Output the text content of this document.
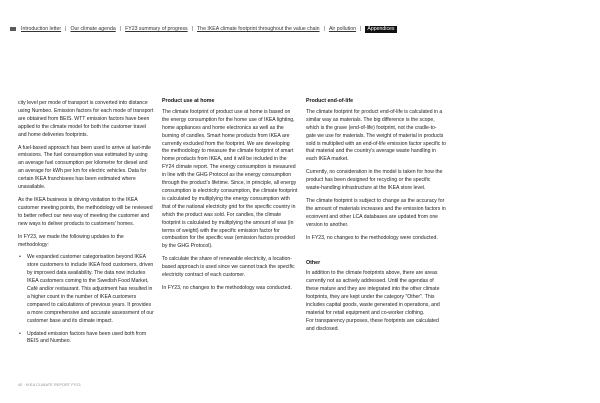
Introduction letter | Our climate agenda | FY23 summary of progress | The IKEA climate footprint throughout the value chain | Air pollution |	Appendices

city level per mode of transport is converted into distance using Numbeo. Emission factors for each mode of transport are obtained from BEIS. WTT emission factors have been applied to the climate model for both the customer travel and home deliveries footprints.

A fuel-based approach has been used to arrive at last-mile emissions. The fuel consumption was estimated by using an average fuel consumption per kilometre for diesel and an average for kWh per km for electric vehicles. Data for certain IKEA franchisees has been estimated where unavailable.

As the IKEA business is driving visitation to the IKEA customer meeting points, the methodology will be reviewed to better reflect our new way of meeting the customer and new ways to deliver products to customers' homes.

In FY23, we made the following updates to the methodology:

• We expanded customer categorisation beyond IKEA store customers to include IKEA food customers, driven by improved data availability. The data now includes IKEA customers coming to the Swedish Food Market, Café and/or restaurant. This adjustment has resulted in a higher count in the number of IKEA customers compared to calculations of previous years. It provides a more comprehensive and accurate assessment of our customer base and its climate impact.
• Updated emission factors have been used both from BEIS and Numbeo.
Product use at home

The climate footprint of product use at home is based on the energy consumption for the home use of IKEA lighting, home appliances and home electronics as well as the burning of candles. Smart home products from IKEA are currently excluded from the footprint. We are developing the methodology to measure the climate footprint of smart home products from IKEA, and it will be included in the FY24 climate report. The energy consumption is measured in line with the GHG Protocol as the energy consumption through the product's lifetime. Since, in principle, all energy consumption is electricity consumption, the climate footprint is calculated by multiplying the energy consumption with that of the national electricity grid for the specific country in which the product was sold. For candles, the climate footprint is calculated by multiplying the amount of wax (in terms of weight) with the specific emission factor for combustion for the specific wax (emission factors provided by the GHG Protocol).

To calculate the share of renewable electricity, a location-based approach is used since we cannot track the specific electricity contract of each customer.

In FY23, no changes to the methodology was conducted.

Product end-of-life

The climate footprint for product end-of-life is calculated in a similar way as materials. The big difference is the scope, which is the grave (end-of-life) footprint, not the cradle-to-gate we use for materials. The weight of material in products sold is multiplied with an end-of-life emission factor specific to that material and the country's average waste handling in each IKEA market.

Currently, no consideration in the model is taken for how the product has been designed for recycling or the specific waste-handling infrastructure at the IKEA store level.

The climate footprint is subject to change as the accuracy for the amount of materials increases and the emission factors in ecoinvent and other LCA databases are updated from one version to another.

In FY23, no changes to the methodology were conducted.

Other

In addition to the climate footprints above, there are areas currently not as actively addressed. Until the agendas of these mature and they are integrated into the other climate footprints, they are kept under the category "Other". This includes capital goods, waste generated in operations, and material for retail equipment and co-worker clothing.

For transparency purposes, these footprints are calculated and disclosed.

40 · IKEA CLIMATE REPORT FY23
